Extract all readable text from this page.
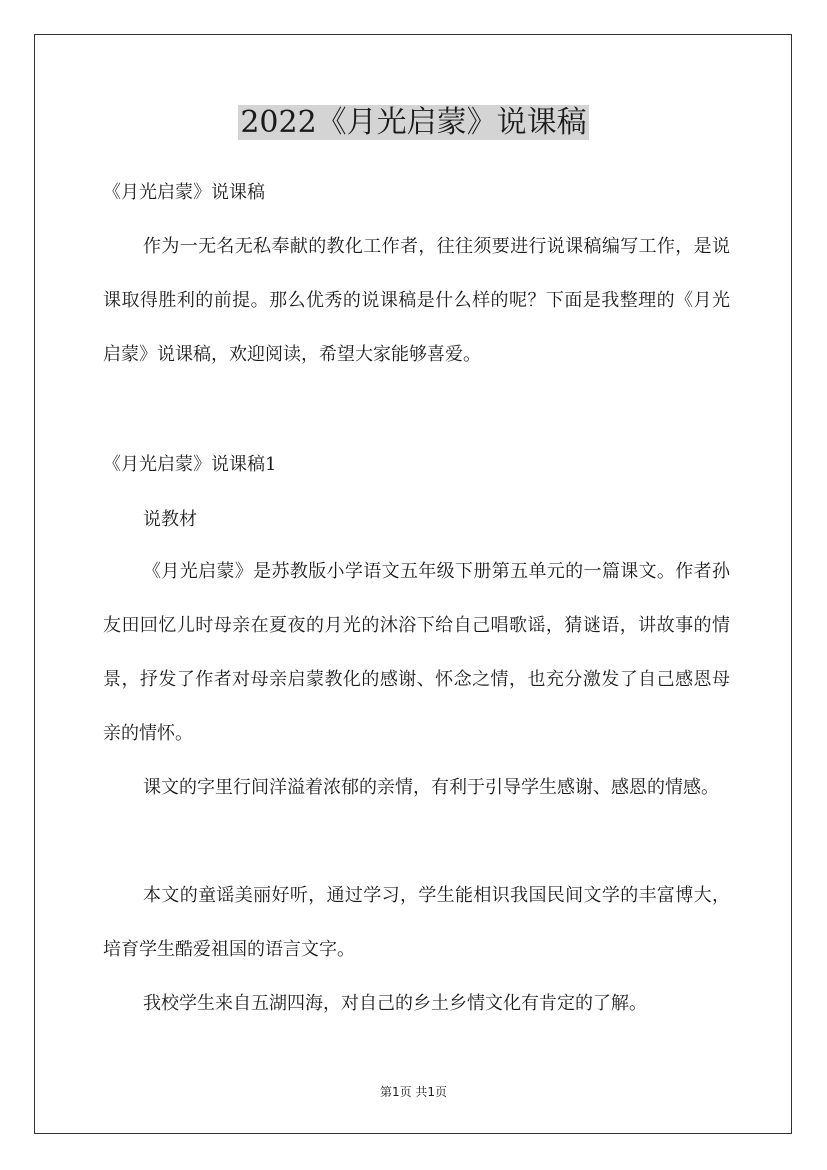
2022《月光启蒙》说课稿
《月光启蒙》说课稿
作为一无名无私奉献的教化工作者，往往须要进行说课稿编写工作，是说课取得胜利的前提。那么优秀的说课稿是什么样的呢？下面是我整理的《月光启蒙》说课稿，欢迎阅读，希望大家能够喜爱。
《月光启蒙》说课稿1
说教材
《月光启蒙》是苏教版小学语文五年级下册第五单元的一篇课文。作者孙友田回忆儿时母亲在夏夜的月光的沐浴下给自己唱歌谣，猜谜语，讲故事的情景，抒发了作者对母亲启蒙教化的感谢、怀念之情，也充分激发了自己感恩母亲的情怀。
课文的字里行间洋溢着浓郁的亲情，有利于引导学生感谢、感恩的情感。
本文的童谣美丽好听，通过学习，学生能相识我国民间文学的丰富博大，培育学生酷爱祖国的语言文字。
我校学生来自五湖四海，对自己的乡土乡情文化有肯定的了解。
第1页 共1页
